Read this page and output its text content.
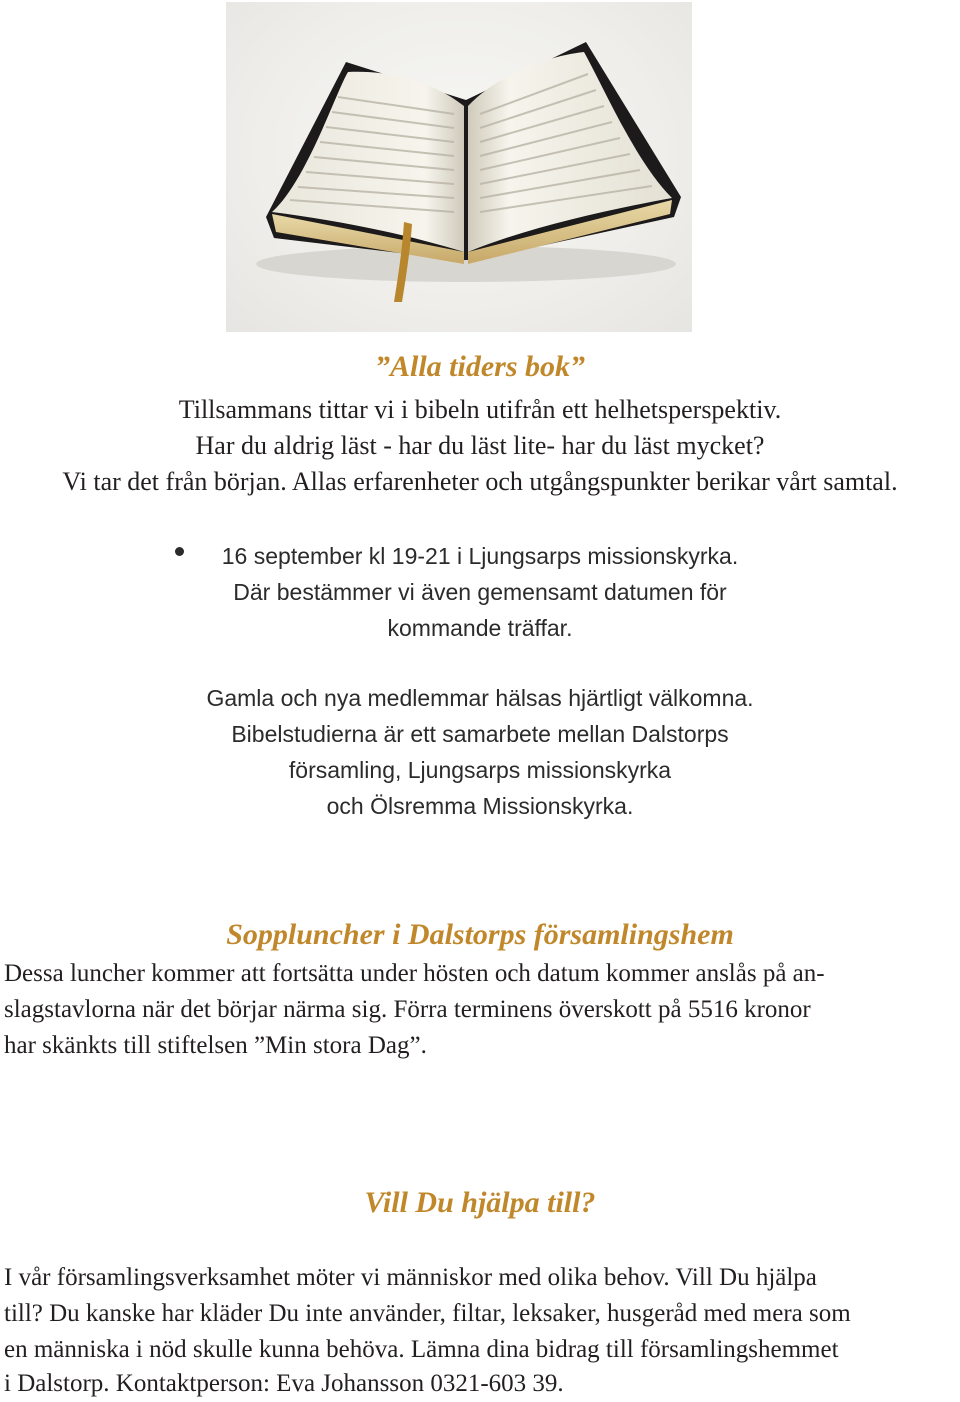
”Alla tiders bok”

Tillsammans tittar vi i bibeln utifrån ett helhetsperspektiv.

Har du aldrig läst - har du läst lite- har du läst mycket?

Vi tar det från början. Allas erfarenheter och utgångspunkter berikar vårt samtal.

16 september kl 19-21 i Ljungsarps missionskyrka.

Där bestämmer vi även gemensamt datumen för

kommande träffar.

Gamla och nya medlemmar hälsas hjärtligt välkomna.

Bibelstudierna är ett samarbete mellan Dalstorps

församling, Ljungsarps missionskyrka

och Ölsremma Missionskyrka.

Soppluncher i Dalstorps församlingshem

Dessa luncher kommer att fortsätta under hösten och datum kommer anslås på an-

slagstavlorna när det börjar närma sig. Förra terminens överskott på 5516 kronor

har skänkts till stiftelsen ”Min stora Dag”.

Vill Du hjälpa till?

I vår församlingsverksamhet möter vi människor med olika behov. Vill Du hjälpa

till? Du kanske har kläder Du inte använder, filtar, leksaker, husgeråd med mera som

en människa i nöd skulle kunna behöva. Lämna dina bidrag till församlingshemmet

i Dalstorp. Kontaktperson: Eva Johansson 0321-603 39.
